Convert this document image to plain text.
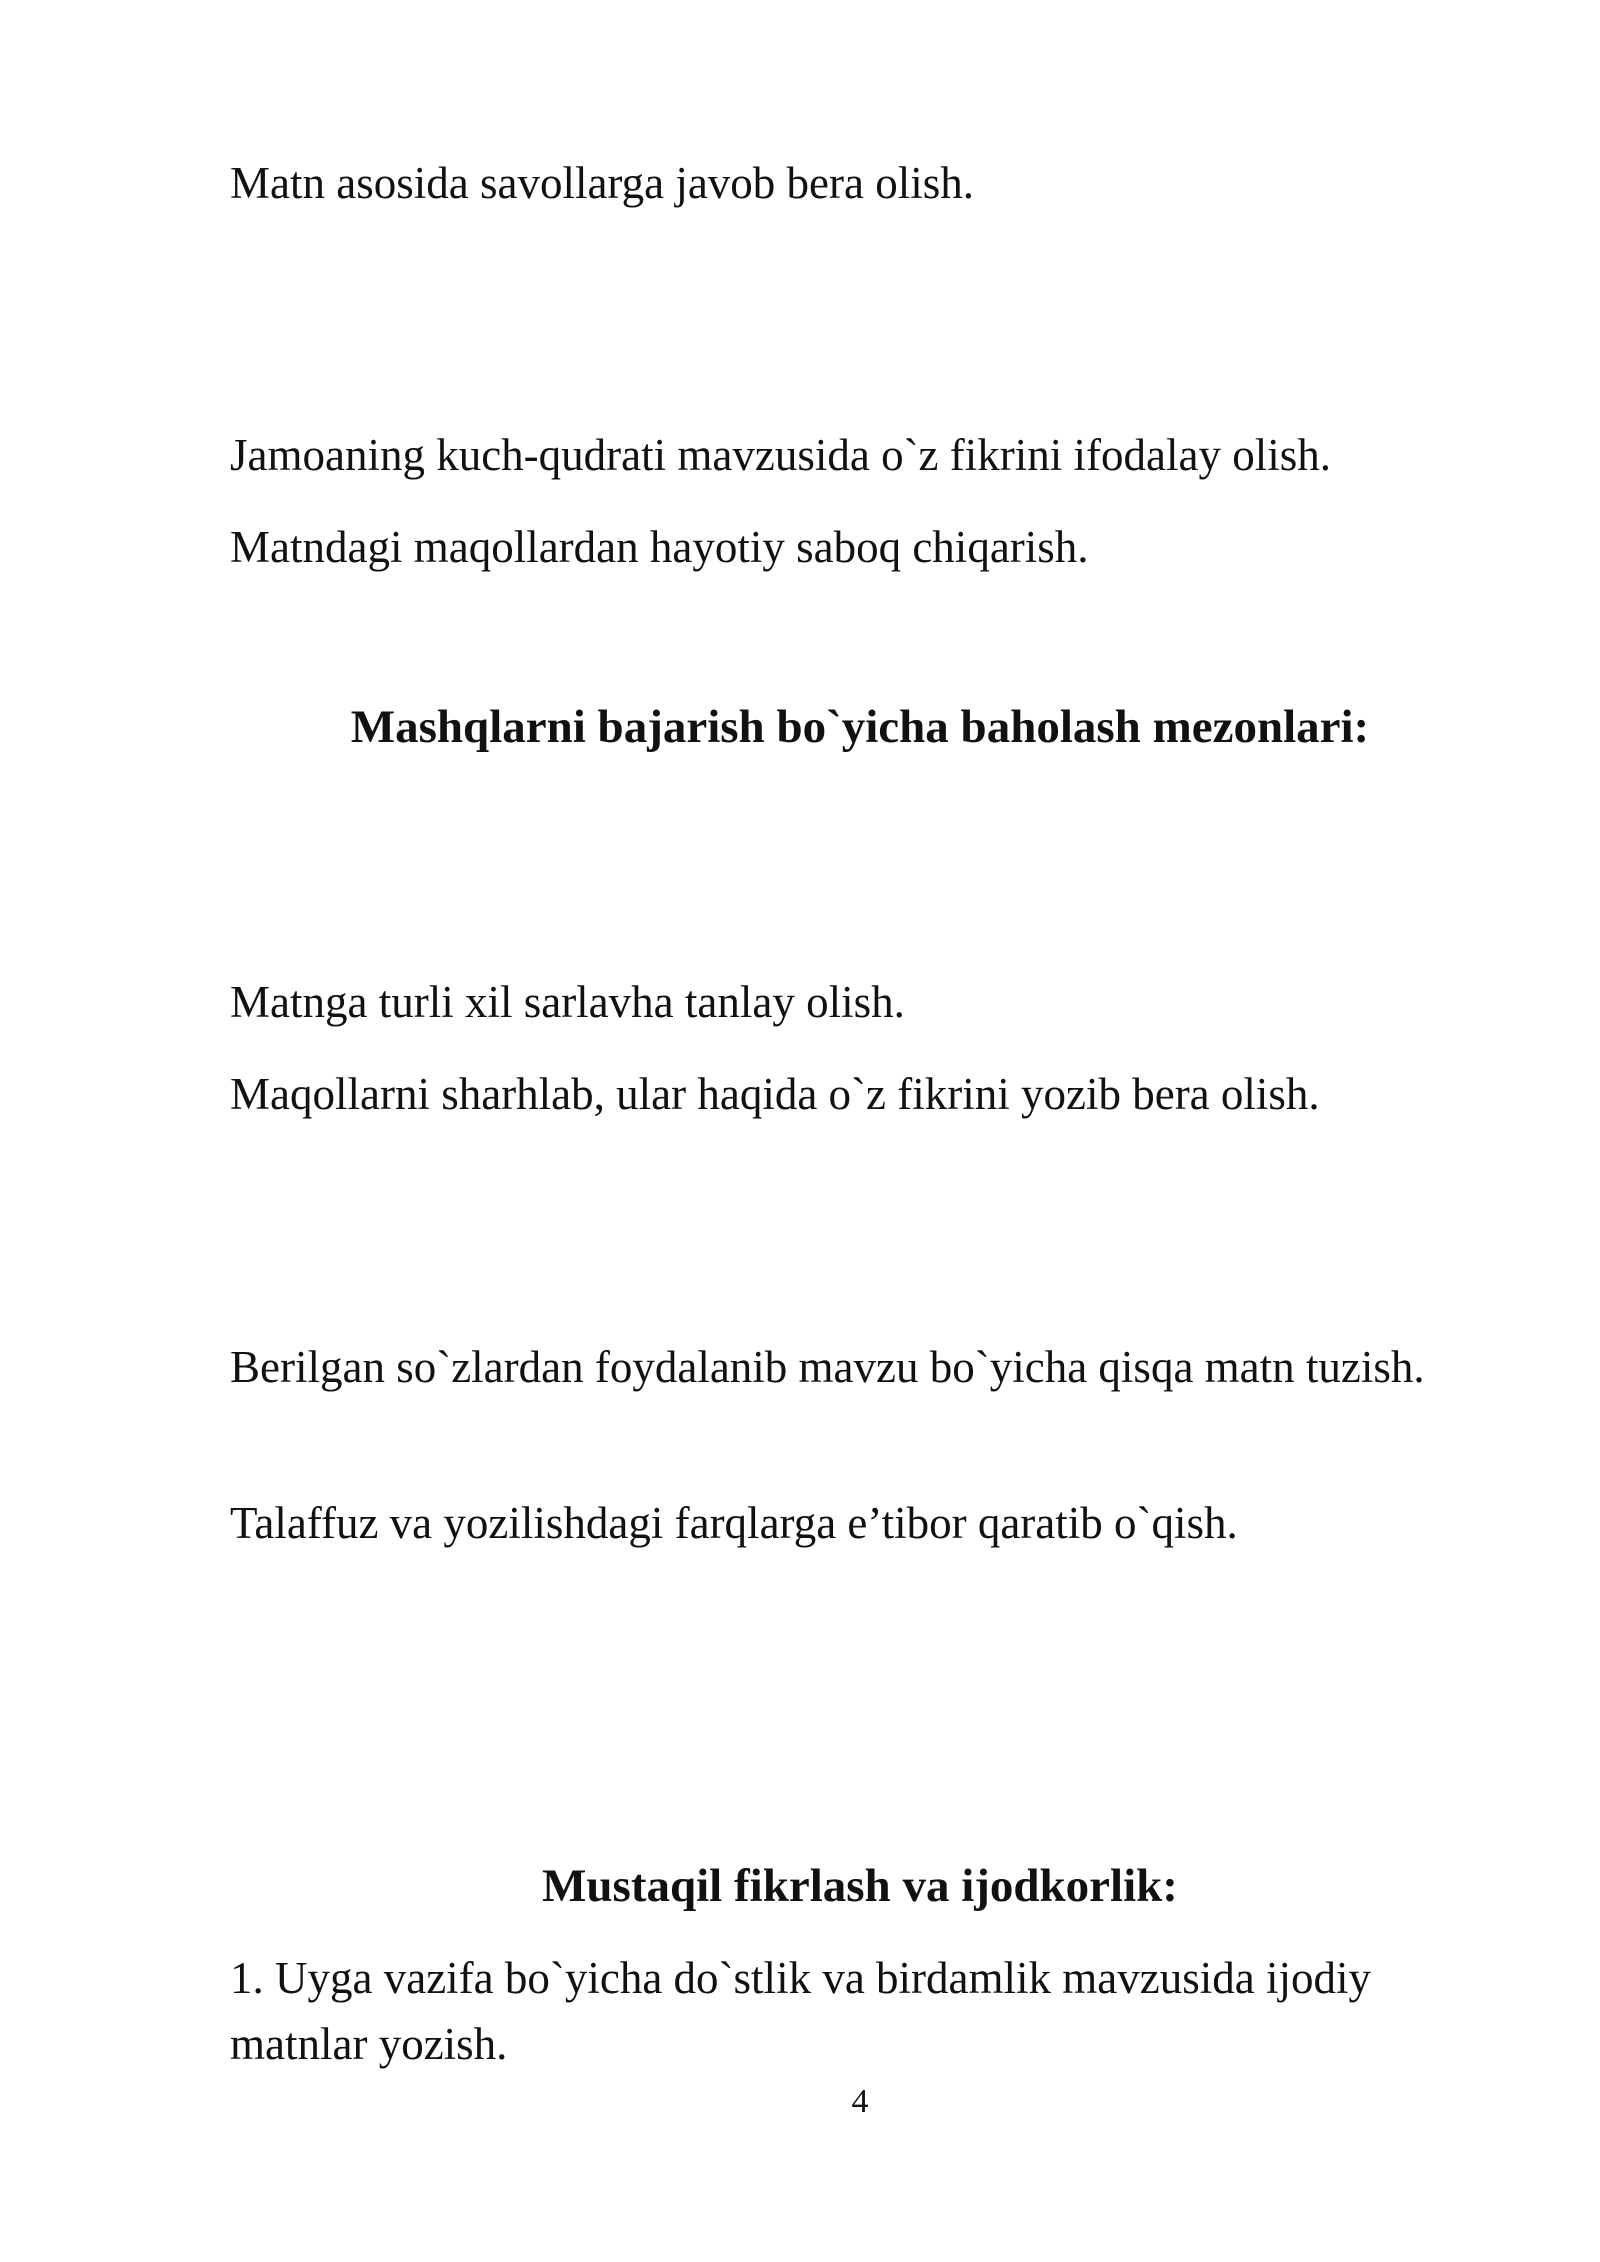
Matn asosida savollarga javob bera olish.

Jamoaning kuch-qudrati mavzusida o`z fikrini ifodalay olish.

Matndagi maqollardan hayotiy saboq chiqarish.

Mashqlarni bajarish bo`yicha baholash mezonlari:

Matnga turli xil sarlavha tanlay olish.

Maqollarni sharhlab, ular haqida o`z fikrini yozib bera olish.

Berilgan so`zlardan foydalanib mavzu bo`yicha qisqa matn tuzish.

Talaffuz va yozilishdagi farqlarga e’tibor qaratib o`qish.

Mustaqil fikrlash va ijodkorlik:

1. Uyga vazifa bo`yicha do`stlik va birdamlik mavzusida ijodiy matnlar yozish.

4
